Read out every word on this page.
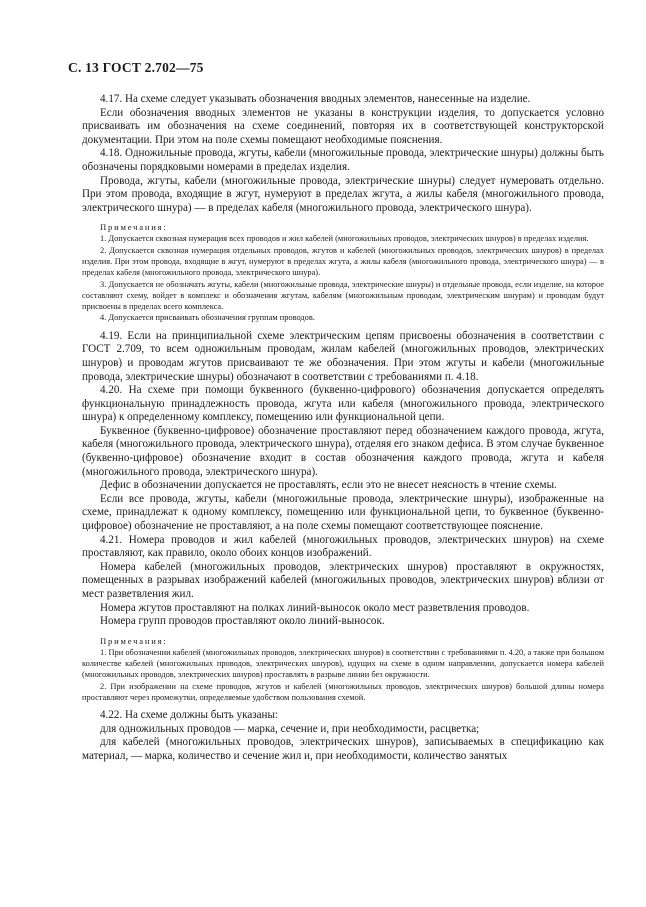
С. 13 ГОСТ 2.702—75

4.17. На схеме следует указывать обозначения вводных элементов, нанесенные на изделие.

Если обозначения вводных элементов не указаны в конструкции изделия, то допускается условно присваивать им обозначения на схеме соединений, повторяя их в соответствующей конструкторской документации. При этом на поле схемы помещают необходимые пояснения.

4.18. Одножильные провода, жгуты, кабели (многожильные провода, электрические шнуры) должны быть обозначены порядковыми номерами в пределах изделия.

Провода, жгуты, кабели (многожильные провода, электрические шнуры) следует нумеровать отдельно. При этом провода, входящие в жгут, нумеруют в пределах жгута, а жилы кабеля (многожильного провода, электрического шнура) — в пределах кабеля (многожильного провода, электрического шнура).

Примечания:

1. Допускается сквозная нумерация всех проводов и жил кабелей (многожильных проводов, электрических шнуров) в пределах изделия.

2. Допускается сквозная нумерация отдельных проводов, жгутов и кабелей (многожильных проводов, электрических шнуров) в пределах изделия. При этом провода, входящие в жгут, нумеруют в пределах жгута, а жилы кабеля (многожильного провода, электрического шнура) — в пределах кабеля (многожильного провода, электрического шнура).

3. Допускается не обозначать жгуты, кабели (многожильные провода, электрические шнуры) и отдельные провода, если изделие, на которое составляют схему, войдет в комплекс и обозначения жгутам, кабелям (многожильным проводам, электрическим шнурам) и проводам будут присвоены в пределах всего комплекса.

4. Допускается присваивать обозначения группам проводов.

4.19. Если на принципиальной схеме электрическим цепям присвоены обозначения в соответствии с ГОСТ 2.709, то всем одножильным проводам, жилам кабелей (многожильных проводов, электрических шнуров) и проводам жгутов присваивают те же обозначения. При этом жгуты и кабели (многожильные провода, электрические шнуры) обозначают в соответствии с требованиями п. 4.18.

4.20. На схеме при помощи буквенного (буквенно-цифрового) обозначения допускается определять функциональную принадлежность провода, жгута или кабеля (многожильного провода, электрического шнура) к определенному комплексу, помещению или функциональной цепи.

Буквенное (буквенно-цифровое) обозначение проставляют перед обозначением каждого провода, жгута, кабеля (многожильного провода, электрического шнура), отделяя его знаком дефиса. В этом случае буквенное (буквенно-цифровое) обозначение входит в состав обозначения каждого провода, жгута и кабеля (многожильного провода, электрического шнура).

Дефис в обозначении допускается не проставлять, если это не внесет неясность в чтение схемы.

Если все провода, жгуты, кабели (многожильные провода, электрические шнуры), изображенные на схеме, принадлежат к одному комплексу, помещению или функциональной цепи, то буквенное (буквенно-цифровое) обозначение не проставляют, а на поле схемы помещают соответствующее пояснение.

4.21. Номера проводов и жил кабелей (многожильных проводов, электрических шнуров) на схеме проставляют, как правило, около обоих концов изображений.

Номера кабелей (многожильных проводов, электрических шнуров) проставляют в окружностях, помещенных в разрывах изображений кабелей (многожильных проводов, электрических шнуров) вблизи от мест разветвления жил.

Номера жгутов проставляют на полках линий-выносок около мест разветвления проводов.

Номера групп проводов проставляют около линий-выносок.

Примечания:

1. При обозначении кабелей (многожильных проводов, электрических шнуров) в соответствии с требованиями п. 4.20, а также при большом количестве кабелей (многожильных проводов, электрических шнуров), идущих на схеме в одном направлении, допускается номера кабелей (многожильных проводов, электрических шнуров) проставлять в разрыве линии без окружности.

2. При изображении на схеме проводов, жгутов и кабелей (многожильных проводов, электрических шнуров) большой длины номера проставляют через промежутки, определяемые удобством пользования схемой.

4.22. На схеме должны быть указаны:

для одножильных проводов — марка, сечение и, при необходимости, расцветка;

для кабелей (многожильных проводов, электрических шнуров), записываемых в спецификацию как материал, — марка, количество и сечение жил и, при необходимости, количество занятых
